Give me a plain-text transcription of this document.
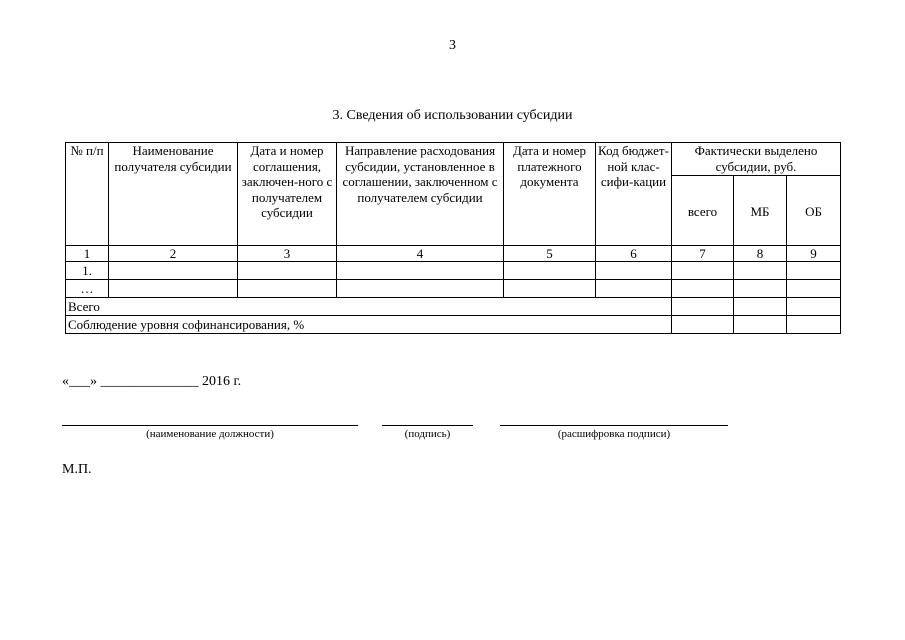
3
3. Сведения об использовании субсидии
№ п/п	Наименование получателя субсидии	Дата и номер соглашения, заключен-ного с получателем субсидии	Направление расходования субсидии, установленное в соглашении, заключенном с получателем субсидии	Дата и номер платежного документа	Код бюджет-ной клас-сифи-кации	Фактически выделено субсидии, руб.		
						всего	МБ	ОБ
1	2	3	4	5	6	7	8	9
1.								
…								
Всего								
Соблюдение уровня софинансирования, %								
«___» ______________ 2016 г.
(наименование должности)	(подпись)	(расшифровка подписи)
М.П.
